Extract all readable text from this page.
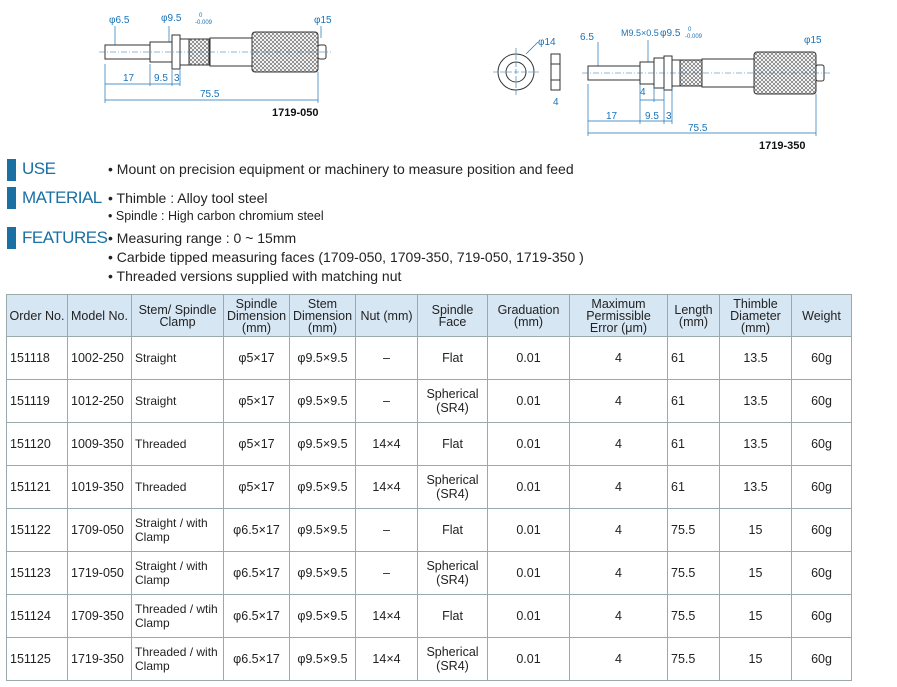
φ6.5	φ9.5	0
-0.009	φ15
17 9.5 3
75.5
1719-050
φ14
4
6.5	M9.5×0.5 φ9.5 0
-0.009	φ15
4
17	9.5 3
75.5
1719-350
USE	• Mount on precision equipment or machinery to measure position and feed
MATERIAL • Thimble : Alloy tool steel
• Spindle : High carbon chromium steel
FEATURES • Measuring range : 0 ~ 15mm
• Carbide tipped measuring faces (1709-050, 1709-350, 719-050, 1719-350 )
• Threaded versions supplied with matching nut
Order No.	Model No.	Stem/ Spindle Clamp	Spindle Dimension (mm)	Stem Dimension (mm)	Nut (mm)	Spindle Face	Graduation (mm)	Maximum Permissible Error (μm)	Length (mm)	Thimble Diameter (mm)	Weight
151118	1002-250	Straight	φ5×17	φ9.5×9.5	–	Flat	0.01	4	61	13.5	60g
151119	1012-250	Straight	φ5×17	φ9.5×9.5	–	Spherical (SR4)	0.01	4	61	13.5	60g
151120	1009-350	Threaded	φ5×17	φ9.5×9.5	14×4	Flat	0.01	4	61	13.5	60g
151121	1019-350	Threaded	φ5×17	φ9.5×9.5	14×4	Spherical (SR4)	0.01	4	61	13.5	60g
151122	1709-050	Straight / with Clamp	φ6.5×17	φ9.5×9.5	–	Flat	0.01	4	75.5	15	60g
151123	1719-050	Straight / with Clamp	φ6.5×17	φ9.5×9.5	–	Spherical (SR4)	0.01	4	75.5	15	60g
151124	1709-350	Threaded / wtih Clamp	φ6.5×17	φ9.5×9.5	14×4	Flat	0.01	4	75.5	15	60g
151125	1719-350	Threaded / with Clamp	φ6.5×17	φ9.5×9.5	14×4	Spherical (SR4)	0.01	4	75.5	15	60g
